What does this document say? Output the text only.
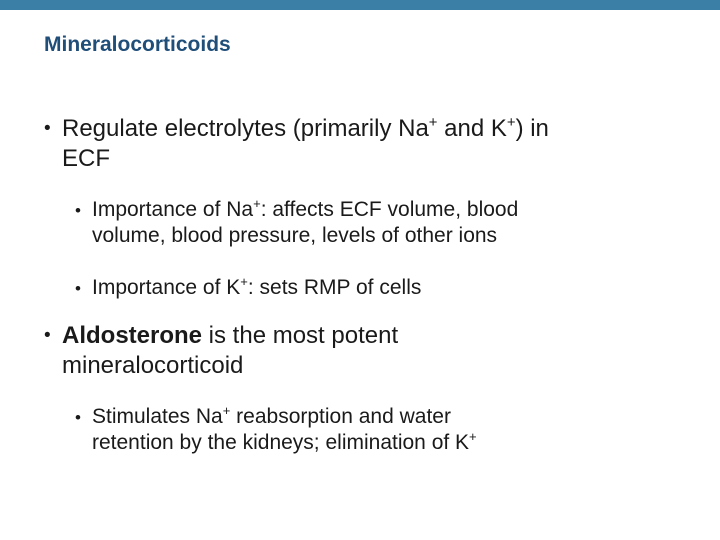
Mineralocorticoids
• Regulate electrolytes (primarily Na+ and K+) in
ECF
• Importance of Na+: affects ECF volume, blood
volume, blood pressure, levels of other ions
• Importance of K+: sets RMP of cells
• Aldosterone is the most potent
mineralocorticoid
• Stimulates Na+ reabsorption and water
retention by the kidneys; elimination of K+
